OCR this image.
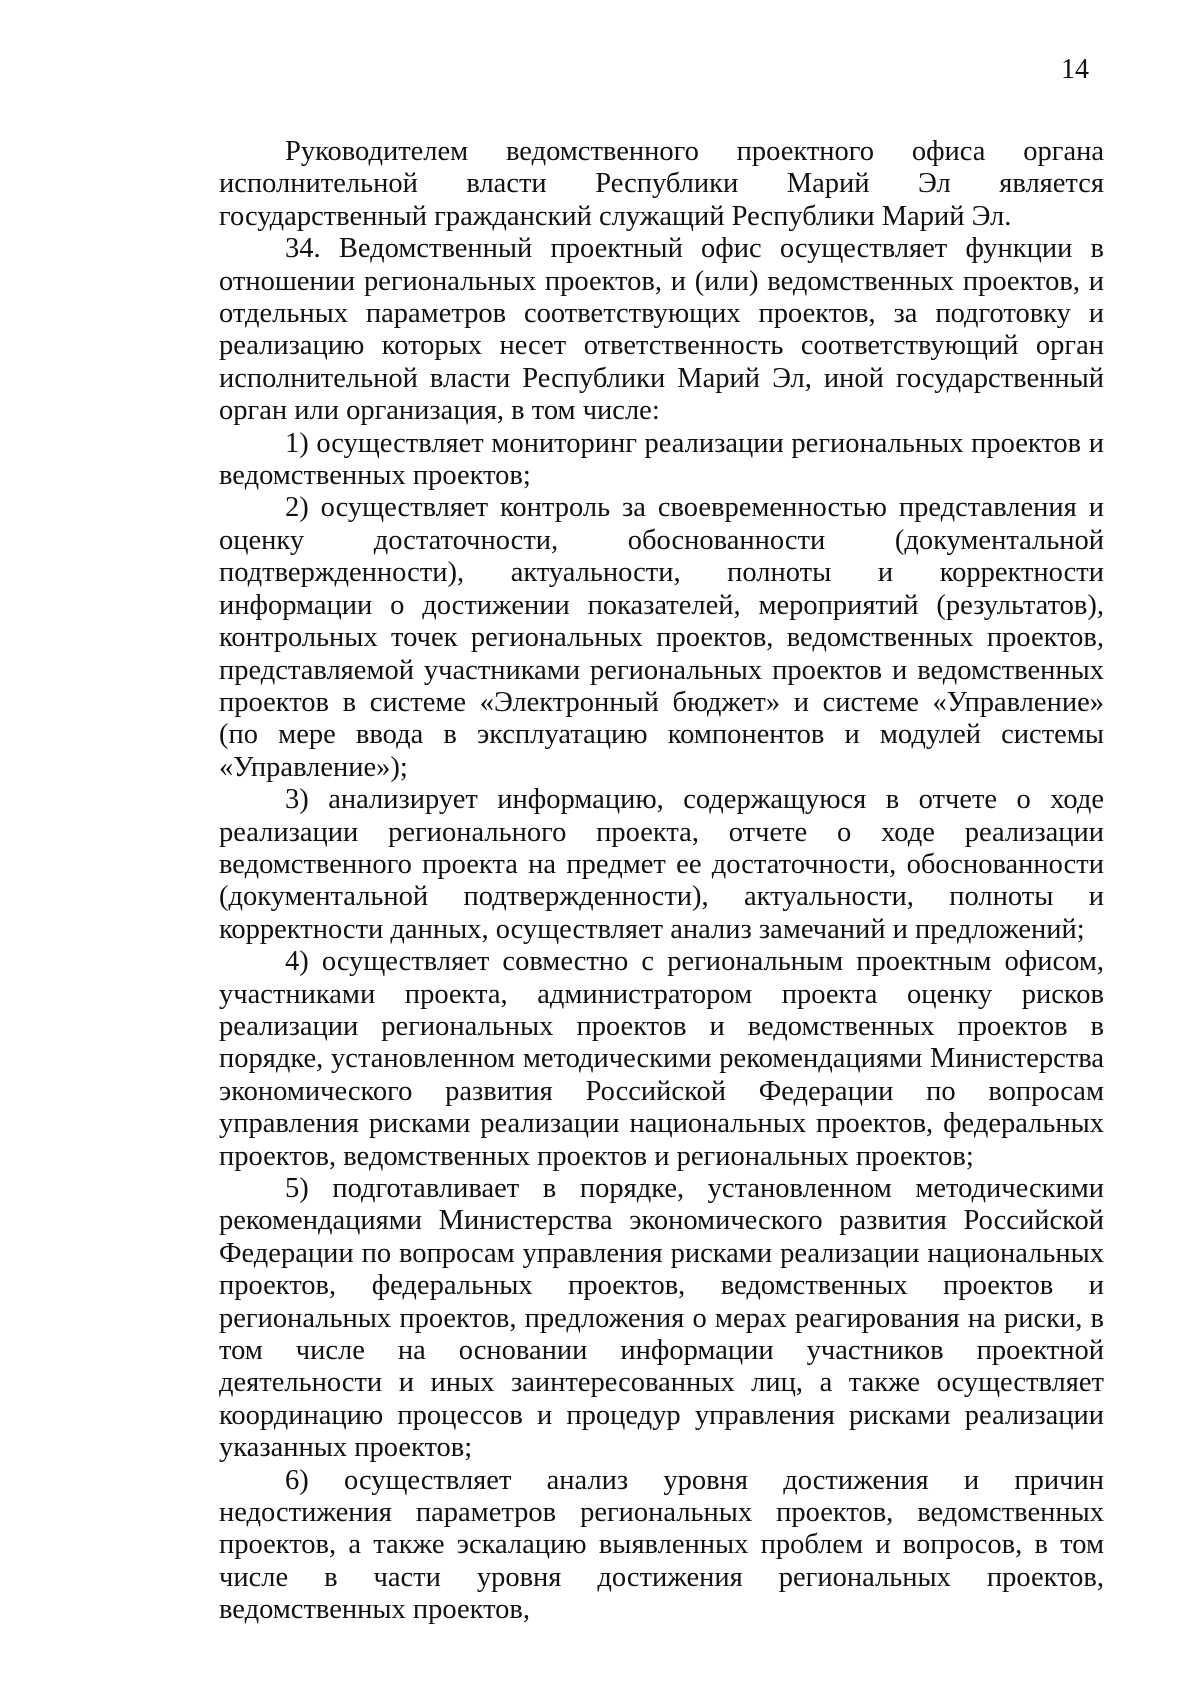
14

Руководителем ведомственного проектного офиса органа исполнительной власти Республики Марий Эл является государственный гражданский служащий Республики Марий Эл.

34. Ведомственный проектный офис осуществляет функции в отношении региональных проектов, и (или) ведомственных проектов, и отдельных параметров соответствующих проектов, за подготовку и реализацию которых несет ответственность соответствующий орган исполнительной власти Республики Марий Эл, иной государственный орган или организация, в том числе:

1) осуществляет мониторинг реализации региональных проектов и ведомственных проектов;

2) осуществляет контроль за своевременностью представления и оценку достаточности, обоснованности (документальной подтвержденности), актуальности, полноты и корректности информации о достижении показателей, мероприятий (результатов), контрольных точек региональных проектов, ведомственных проектов, представляемой участниками региональных проектов и ведомственных проектов в системе «Электронный бюджет» и системе «Управление» (по мере ввода в эксплуатацию компонентов и модулей системы «Управление»);

3) анализирует информацию, содержащуюся в отчете о ходе реализации регионального проекта, отчете о ходе реализации ведомственного проекта на предмет ее достаточности, обоснованности (документальной подтвержденности), актуальности, полноты и корректности данных, осуществляет анализ замечаний и предложений;

4) осуществляет совместно с региональным проектным офисом, участниками проекта, администратором проекта оценку рисков реализации региональных проектов и ведомственных проектов в порядке, установленном методическими рекомендациями Министерства экономического развития Российской Федерации по вопросам управления рисками реализации национальных проектов, федеральных проектов, ведомственных проектов и региональных проектов;

5) подготавливает в порядке, установленном методическими рекомендациями Министерства экономического развития Российской Федерации по вопросам управления рисками реализации национальных проектов, федеральных проектов, ведомственных проектов и региональных проектов, предложения о мерах реагирования на риски, в том числе на основании информации участников проектной деятельности и иных заинтересованных лиц, а также осуществляет координацию процессов и процедур управления рисками реализации указанных проектов;

6) осуществляет анализ уровня достижения и причин недостижения параметров региональных проектов, ведомственных проектов, а также эскалацию выявленных проблем и вопросов, в том числе в части уровня достижения региональных проектов, ведомственных проектов,
